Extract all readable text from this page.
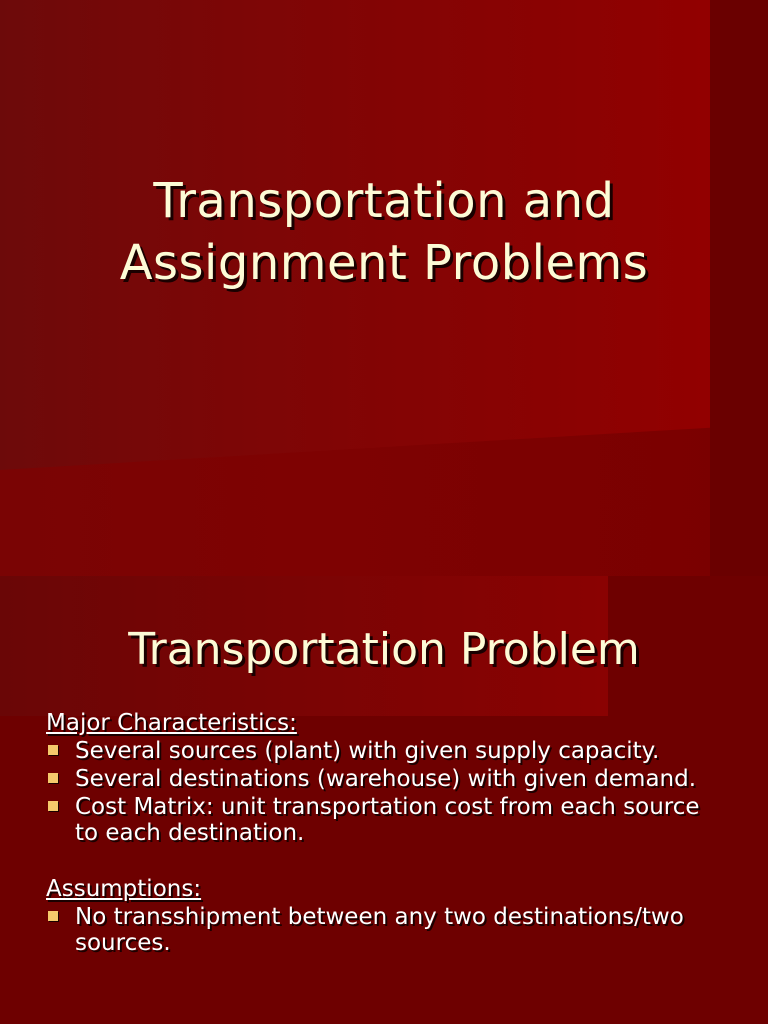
Transportation and
Assignment Problems
Transportation Problem

Major Characteristics:

Several sources (plant) with given supply capacity.
Several destinations (warehouse) with given demand.
Cost Matrix: unit transportation cost from each source to each destination.

Assumptions:

No transshipment between any two destinations/two sources.
